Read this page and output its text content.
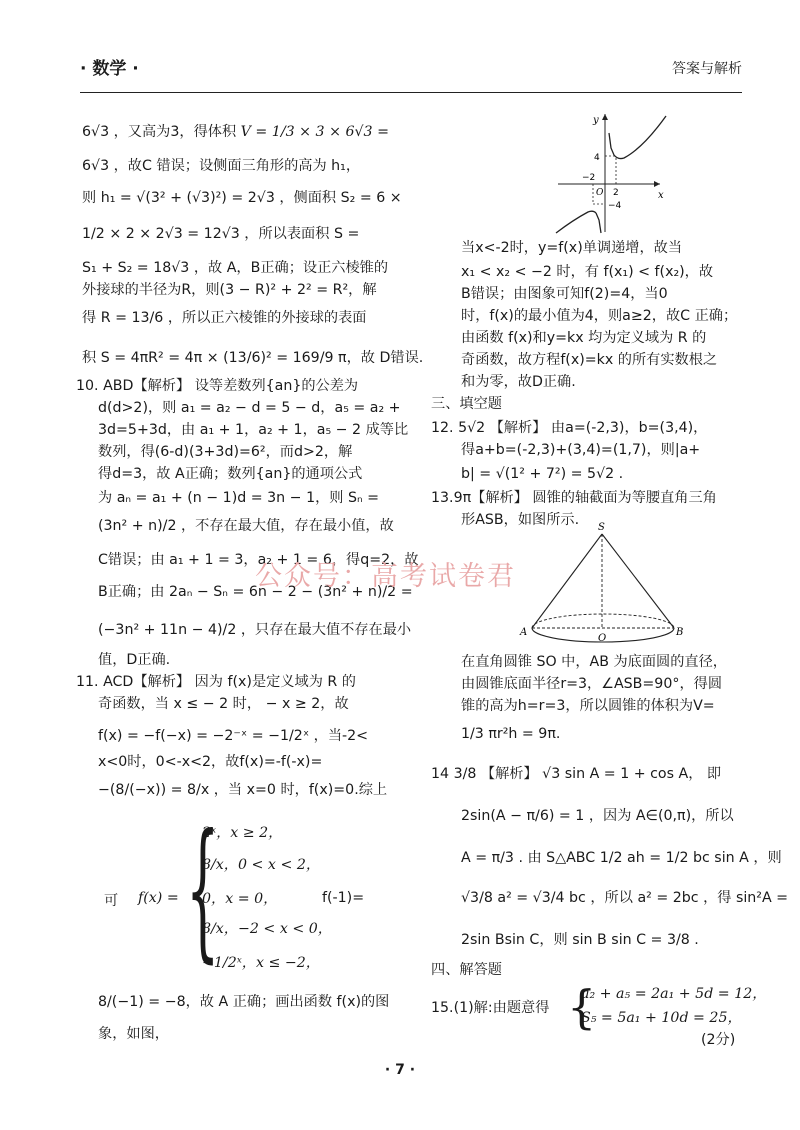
· 数学 ·	答案与解析
6√3 ，又高为3，得体积 V = 1/3 × 3 × 6√3 =
6√3 ，故C 错误；设侧面三角形的高为 h₁，
则 h₁ = √(3² + (√3)²) = 2√3 ，侧面积 S₂ = 6 ×
1/2 × 2 × 2√3 = 12√3 ，所以表面积 S =
S₁ + S₂ = 18√3 ，故 A，B正确；设正六棱锥的
外接球的半径为R，则(3 − R)² + 2² = R²，解
得 R = 13/6 ，所以正六棱锥的外接球的表面
积 S = 4πR² = 4π × (13/6)² = 169/9 π，故 D错误.
10. ABD【解析】 设等差数列{an}的公差为
d(d>2)，则 a₁ = a₂ − d = 5 − d，a₅ = a₂ +
3d=5+3d，由 a₁ + 1，a₂ + 1，a₅ − 2 成等比
数列，得(6-d)(3+3d)=6²，而d>2，解
得d=3，故 A正确；数列{an}的通项公式
为 aₙ = a₁ + (n − 1)d = 3n − 1，则 Sₙ =
(3n² + n)/2 ，不存在最大值，存在最小值，故
C错误；由 a₁ + 1 = 3，a₂ + 1 = 6，得q=2，故
B正确；由 2aₙ − Sₙ = 6n − 2 − (3n² + n)/2 =
(−3n² + 11n − 4)/2 ，只存在最大值不存在最小
值，D正确.
11. ACD【解析】 因为 f(x)是定义域为 R 的
奇函数，当 x ≤ − 2 时， − x ≥ 2，故
f(x) = −f(−x) = −2⁻ˣ = −1/2ˣ ，当-2<
x<0时，0<-x<2，故f(x)=-f(-x)=
−(8/(−x)) = 8/x ，当 x=0 时，f(x)=0.综上
可 f(x) = {
2ˣ，x ≥ 2，
8/x，0 < x < 2，
0，x = 0，
8/x，−2 < x < 0，
−1/2ˣ，x ≤ −2，
f(-1)=
8/(−1) = −8，故 A 正确；画出函数 f(x)的图
象，如图，
y
x
4
−4
−2
2
O
当x<-2时，y=f(x)单调递增，故当
x₁ < x₂ < −2 时，有 f(x₁) < f(x₂)，故
B错误；由图象可知f(2)=4，当0
时，f(x)的最小值为4，则a≥2，故C 正确；
由函数 f(x)和y=kx 均为定义域为 R 的
奇函数，故方程f(x)=kx 的所有实数根之
和为零，故D正确.
三、填空题
12. 5√2 【解析】 由a=(-2,3)，b=(3,4)，
得a+b=(-2,3)+(3,4)=(1,7)，则|a+
b| = √(1² + 7²) = 5√2 .
13.9π【解析】 圆锥的轴截面为等腰直角三角
形ASB，如图所示. S
A	B
O
在直角圆锥 SO 中，AB 为底面圆的直径，
由圆锥底面半径r=3，∠ASB=90°，得圆
锥的高为h=r=3，所以圆锥的体积为V=
1/3 πr²h = 9π.
14 3/8 【解析】 √3 sin A = 1 + cos A， 即
2sin(A − π/6) = 1 ，因为 A∈(0,π)，所以
A = π/3 . 由 S△ABC 1/2 ah = 1/2 bc sin A ，则
√3/8 a² = √3/4 bc ，所以 a² = 2bc ，得 sin²A =
2sin Bsin C，则 sin B sin C = 3/8 .
四、解答题
15.(1)解:由题意得 {
a₂ + a₅ = 2a₁ + 5d = 12，
S₅ = 5a₁ + 10d = 25，
(2分)
公众号：高考试卷君
· 7 ·
